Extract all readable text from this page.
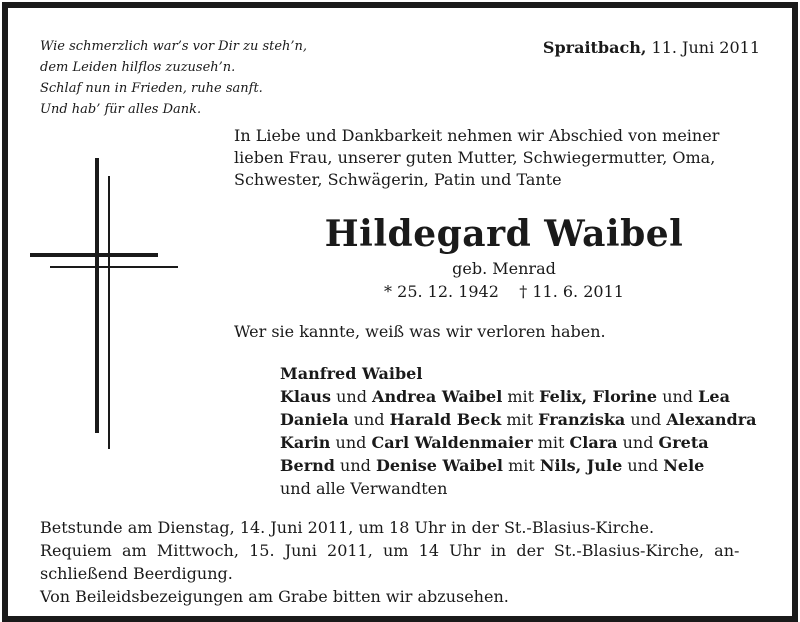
Wie schmerzlich war’s vor Dir zu steh’n,
dem Leiden hilflos zuzuseh’n.
Schlaf nun in Frieden, ruhe sanft.
Und hab’ für alles Dank.
Spraitbach, 11. Juni 2011
In Liebe und Dankbarkeit nehmen wir Abschied von meiner
lieben Frau, unserer guten Mutter, Schwiegermutter, Oma,
Schwester, Schwägerin, Patin und Tante
Hildegard Waibel
geb. Menrad
* 25. 12. 1942    † 11. 6. 2011
Wer sie kannte, weiß was wir verloren haben.
Manfred Waibel
Klaus und Andrea Waibel mit Felix, Florine und Lea
Daniela und Harald Beck mit Franziska und Alexandra
Karin und Carl Waldenmaier mit Clara und Greta
Bernd und Denise Waibel mit Nils, Jule und Nele
und alle Verwandten
Betstunde am Dienstag, 14. Juni 2011, um 18 Uhr in der St.-Blasius-Kirche.
Requiem  am  Mittwoch,  15.  Juni  2011,  um  14  Uhr  in  der  St.-Blasius-Kirche,  an-
schließend Beerdigung.
Von Beileidsbezeigungen am Grabe bitten wir abzusehen.
